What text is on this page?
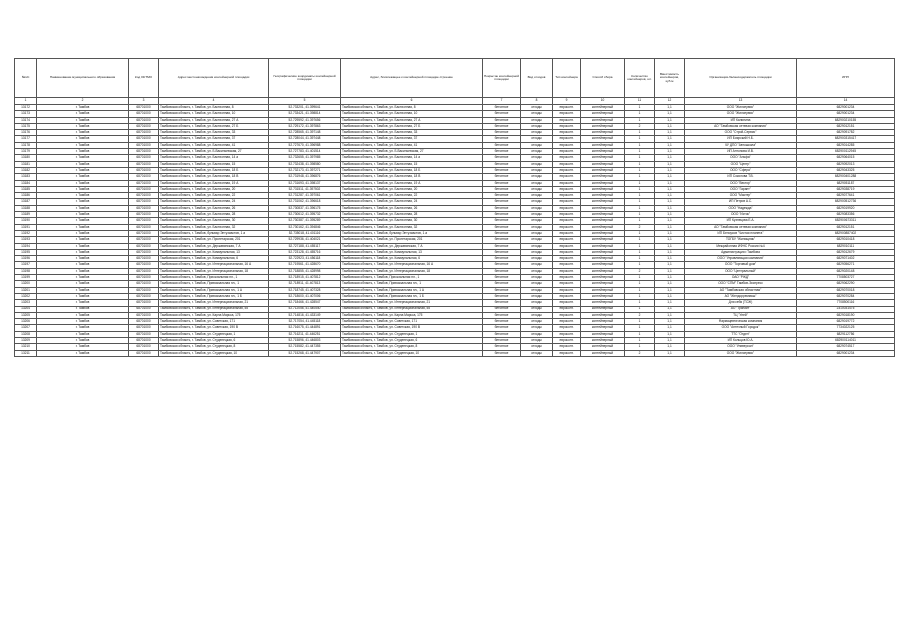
№п/п	Наименование муниципального образования	Код ОКТМО	Адрес местонахождения контейнерной площадки	Географические координаты контейнерной площадки	Адрес, близлежащее к контейнерной площадке строение	Покрытие контейнерной площадки	Вид отходов	Тип контейнера	Способ сбора	Количество контейнеров, шт.	Вместимость контейнеров, куб.м	Организация-балансодержатель площадки	ИНН
1	2	3	4	5	6	7	8	9	10	11	12	13	14
13172	г. Тамбов	68701000	Тамбовская область, г. Тамбов, ул. Бастионная, 8	52.733201, 41.399641	Тамбовская область, г. Тамбов, ул. Бастионная, 8	бетонное	отходы	евроконт.	контейнерный	1	1,1	ООО "Жилсервис"	6829001234
13173	г. Тамбов	68701000	Тамбовская область, г. Тамбов, ул. Бастионная, 10	52.733421, 41.398814	Тамбовская область, г. Тамбов, ул. Бастионная, 10	бетонное	отходы	евроконт.	контейнерный	1	1,1	ООО "Жилсервис"	6829001234
13174	г. Тамбов	68701000	Тамбовская область, г. Тамбов, ул. Бастионная, 27 А	52.729592, 41.397656	Тамбовская область, г. Тамбов, ул. Бастионная, 27 А	бетонное	отходы	евроконт.	контейнерный	1	1,1	ИП Калинина	682900210155
13175	г. Тамбов	68701000	Тамбовская область, г. Тамбов, ул. Бастионная, 27 Б	52.729172, 41.397863	Тамбовская область, г. Тамбов, ул. Бастионная, 27 Б	бетонное	отходы	евроконт.	контейнерный	2	1,1	АО "Тамбовская сетевая компания"	6829012151
13176	г. Тамбов	68701000	Тамбовская область, г. Тамбов, ул. Бастионная, 33	52.728565, 41.397148	Тамбовская область, г. Тамбов, ул. Бастионная, 33	бетонное	отходы	евроконт.	контейнерный	1	1,1	ООО "Строй-Сервис"	6829091782
13177	г. Тамбов	68701000	Тамбовская область, г. Тамбов, ул. Бастионная, 37	52.728044, 41.397448	Тамбовская область, г. Тамбов, ул. Бастионная, 37	бетонное	отходы	евроконт.	контейнерный	1	1,1	ИП Боярский Н.Б.	682900315417
13178	г. Тамбов	68701000	Тамбовская область, г. Тамбов, ул. Бастионная, 41	52.727670, 41.396988	Тамбовская область, г. Тамбов, ул. Бастионная, 41	бетонное	отходы	евроконт.	контейнерный	1	1,1	ЧУ ДПО "Автошкола"	6829014285
13179	г. Тамбов	68701000	Тамбовская область, г. Тамбов, ул. Б.Васильевская, 27	52.727783, 41.401514	Тамбовская область, г. Тамбов, ул. Б.Васильевская, 27	бетонное	отходы	евроконт.	контейнерный	1	1,1	ИП Антонова И.В.	682900112945
13180	г. Тамбов	68701000	Тамбовская область, г. Тамбов, ул. Бастионная, 14 а	52.732655, 41.397985	Тамбовская область, г. Тамбов, ул. Бастионная, 14 а	бетонное	отходы	евроконт.	контейнерный	1	1,1	ООО "Альфа"	6829064015
13181	г. Тамбов	68701000	Тамбовская область, г. Тамбов, ул. Бастионная, 15	52.732438, 41.398580	Тамбовская область, г. Тамбов, ул. Бастионная, 15	бетонное	отходы	евроконт.	контейнерный	1	1,1	ООО "Центр"	6829092013
13182	г. Тамбов	68701000	Тамбовская область, г. Тамбов, ул. Бастионная, 18 Б	52.732173, 41.397271	Тамбовская область, г. Тамбов, ул. Бастионная, 18 Б	бетонное	отходы	евроконт.	контейнерный	1	1,1	ООО "Сфера"	6829043325
13183	г. Тамбов	68701000	Тамбовская область, г. Тамбов, ул. Бастионная, 18 В	52.731948, 41.396876	Тамбовская область, г. Тамбов, ул. Бастионная, 18 В	бетонное	отходы	евроконт.	контейнерный	1	1,1	ИП Соколова Т.В.	682900401288
13184	г. Тамбов	68701000	Тамбовская область, г. Тамбов, ул. Бастионная, 19 А	52.731693, 41.398137	Тамбовская область, г. Тамбов, ул. Бастионная, 19 А	бетонное	отходы	евроконт.	контейнерный	1	1,1	ООО "Вектор"	6829051187
13185	г. Тамбов	68701000	Тамбовская область, г. Тамбов, ул. Бастионная, 20	52.731511, 41.397502	Тамбовская область, г. Тамбов, ул. Бастионная, 20	бетонное	отходы	евроконт.	контейнерный	1	1,1	ООО "Гарант"	6829038719
13186	г. Тамбов	68701000	Тамбовская область, г. Тамбов, ул. Бастионная, 22	52.731287, 41.397061	Тамбовская область, г. Тамбов, ул. Бастионная, 22	бетонное	отходы	евроконт.	контейнерный	1	1,1	ООО "Мастер"	6829077641
13187	г. Тамбов	68701000	Тамбовская область, г. Тамбов, ул. Бастионная, 24	52.731062, 41.396618	Тамбовская область, г. Тамбов, ул. Бастионная, 24	бетонное	отходы	евроконт.	контейнерный	1	1,1	ИП Петров А.С.	682900512736
13188	г. Тамбов	68701000	Тамбовская область, г. Тамбов, ул. Бастионная, 26	52.730837, 41.396175	Тамбовская область, г. Тамбов, ул. Бастионная, 26	бетонное	отходы	евроконт.	контейнерный	1	1,1	ООО "Надежда"	6829019920
13189	г. Тамбов	68701000	Тамбовская область, г. Тамбов, ул. Бастионная, 28	52.730612, 41.395732	Тамбовская область, г. Тамбов, ул. Бастионная, 28	бетонное	отходы	евроконт.	контейнерный	1	1,1	ООО "Исток"	6829083356
13190	г. Тамбов	68701000	Тамбовская область, г. Тамбов, ул. Бастионная, 30	52.730387, 41.395289	Тамбовская область, г. Тамбов, ул. Бастионная, 30	бетонное	отходы	евроконт.	контейнерный	1	1,1	ИП Кузнецова Е.А.	682900673311
13191	г. Тамбов	68701000	Тамбовская область, г. Тамбов, ул. Бастионная, 32	52.730162, 41.394846	Тамбовская область, г. Тамбов, ул. Бастионная, 32	бетонное	отходы	евроконт.	контейнерный	2	1,1	АО "Тамбовская сетевая компания"	6829012151
13192	г. Тамбов	68701000	Тамбовская область, г. Тамбов, бульвар Энтузиастов, 1 а	52.735018, 41.401116	Тамбовская область, г. Тамбов, бульвар Энтузиастов, 1 а	бетонное	отходы	евроконт.	контейнерный	1	1,1	ИП Белоусов "Чистая планета"	682900887402
13193	г. Тамбов	68701000	Тамбовская область, г. Тамбов, ул. Пролетарская, 201	52.729936, 41.404021	Тамбовская область, г. Тамбов, ул. Пролетарская, 201	бетонное	отходы	евроконт.	контейнерный	1	1,1	ТОГБУ "Жилищник"	6829010418
13194	г. Тамбов	68701000	Тамбовская область, г. Тамбов, ул. Державинская, 7 А	52.727188, 41.455117	Тамбовская область, г. Тамбов, ул. Державинская, 7 А	бетонное	отходы	евроконт.	контейнерный	1	1,1	Межрайонная ИФНС России №4	6829010111
13195	г. Тамбов	68701000	Тамбовская область, г. Тамбов, ул. Коммунальная, 13	52.723128, 41.455716	Тамбовская область, г. Тамбов, ул. Коммунальная, 13	бетонное	отходы	евроконт.	контейнерный	1	1,1	Администрация г.Тамбова	6829012679
13196	г. Тамбов	68701000	Тамбовская область, г. Тамбов, ул. Коммунальная, 6	52.722923, 41.456118	Тамбовская область, г. Тамбов, ул. Коммунальная, 6	бетонное	отходы	евроконт.	контейнерный	1	1,1	ООО "Управляющая компания"	6829071402
13197	г. Тамбов	68701000	Тамбовская область, г. Тамбов, ул. Интернациональная, 16 А	52.719561, 41.428670	Тамбовская область, г. Тамбов, ул. Интернациональная, 16 А	бетонное	отходы	евроконт.	контейнерный	1	1,1	ООО "Торговый дом"	6829056271
13198	г. Тамбов	68701000	Тамбовская область, г. Тамбов, ул. Интернациональная, 18	52.718855, 41.428998	Тамбовская область, г. Тамбов, ул. Интернациональная, 18	бетонное	отходы	евроконт.	контейнерный	2	1,1	ООО "Центральный"	6829020148
13199	г. Тамбов	68701000	Тамбовская область, г. Тамбов, Приокзальная пл., 1	52.718915, 41.407812	Тамбовская область, г. Тамбов, Приокзальная пл., 1	бетонное	отходы	евроконт.	контейнерный	1	1,1	ОАО "РЖД"	7708503727
13200	г. Тамбов	68701000	Тамбовская область, г. Тамбов, Привокзальная пл., 1	52.718911, 41.407813	Тамбовская область, г. Тамбов, Привокзальная пл., 1	бетонное	отходы	евроконт.	контейнерный	1	1,1	ООО "СПМ" Тамбов-Экспресс	6829062290
13201	г. Тамбов	68701000	Тамбовская область, г. Тамбов, Привокзальная пл., 1 А	52.718745, 41.407328	Тамбовская область, г. Тамбов, Привокзальная пл., 1 А	бетонное	отходы	евроконт.	контейнерный	1	1,1	АО "Тамбовская областная"	6829070018
13202	г. Тамбов	68701000	Тамбовская область, г. Тамбов, Привокзальная пл., 1 Б	52.718600, 41.407006	Тамбовская область, г. Тамбов, Привокзальная пл., 1 Б	бетонное	отходы	евроконт.	контейнерный	1	1,1	АО "Желдорреммаш"	6829070284
13203	г. Тамбов	68701000	Тамбовская область, г. Тамбов, ул. Интернациональная, 21	52.718466, 41.428547	Тамбовская область, г. Тамбов, ул. Интернациональная, 21	бетонное	отходы	евроконт.	контейнерный	1	1,1	Для себя (ТСЖ)	7708500116
13204	г. Тамбов	68701000	Тамбовская область, г. Тамбов, ул. Интернациональная, 55	52.712056, 41.440540	Тамбовская область, г. Тамбов, ул. Интернациональная, 55	бетонное	отходы	евроконт.	контейнерный	1	1,1	АО "Транзит"	2310031475
13205	г. Тамбов	68701000	Тамбовская область, г. Тамбов, ул. Карла Маркса, 175	52.714816, 41.433149	Тамбовская область, г. Тамбов, ул. Карла Маркса, 175	бетонное	отходы	евроконт.	контейнерный	2	1,1	ТЦ "Улей"	6829018190
13206	г. Тамбов	68701000	Тамбовская область, г. Тамбов, ул. Советская, 171	52.717054, 41.445118	Тамбовская область, г. Тамбов, ул. Советская, 171	бетонное	отходы	евроконт.	контейнерный	1	1,1	Фармацевтическая компания	6829019772
13207	г. Тамбов	68701000	Тамбовская область, г. Тамбов, ул. Советская, 190 В	52.716075, 41.444891	Тамбовская область, г. Тамбов, ул. Советская, 190 В	бетонное	отходы	евроконт.	контейнерный	1	1,1	ООО "Аптечный Городок"	7734022125
13208	г. Тамбов	68701000	Тамбовская область, г. Тамбов, ул. Студенецкая, 1	52.716211, 41.446251	Тамбовская область, г. Тамбов, ул. Студенецкая, 1	бетонное	отходы	евроконт.	контейнерный	1	1,1	ТТС "Отдел"	6829112756
13209	г. Тамбов	68701000	Тамбовская область, г. Тамбов, ул. Студенецкая, 6	52.715896, 41.446803	Тамбовская область, г. Тамбов, ул. Студенецкая, 6	бетонное	отходы	евроконт.	контейнерный	1	1,1	ИП Кольцов Ю.А.	682900114011
13210	г. Тамбов	68701000	Тамбовская область, г. Тамбов, ул. Студенецкая, 8	52.715582, 41.447355	Тамбовская область, г. Тамбов, ул. Студенецкая, 8	бетонное	отходы	евроконт.	контейнерный	1	1,1	ООО "Универсал"	6829074517
13211	г. Тамбов	68701000	Тамбовская область, г. Тамбов, ул. Студенецкая, 10	52.715268, 41.447907	Тамбовская область, г. Тамбов, ул. Студенецкая, 10	бетонное	отходы	евроконт.	контейнерный	2	1,1	ООО "Жилсервис"	6829001234
